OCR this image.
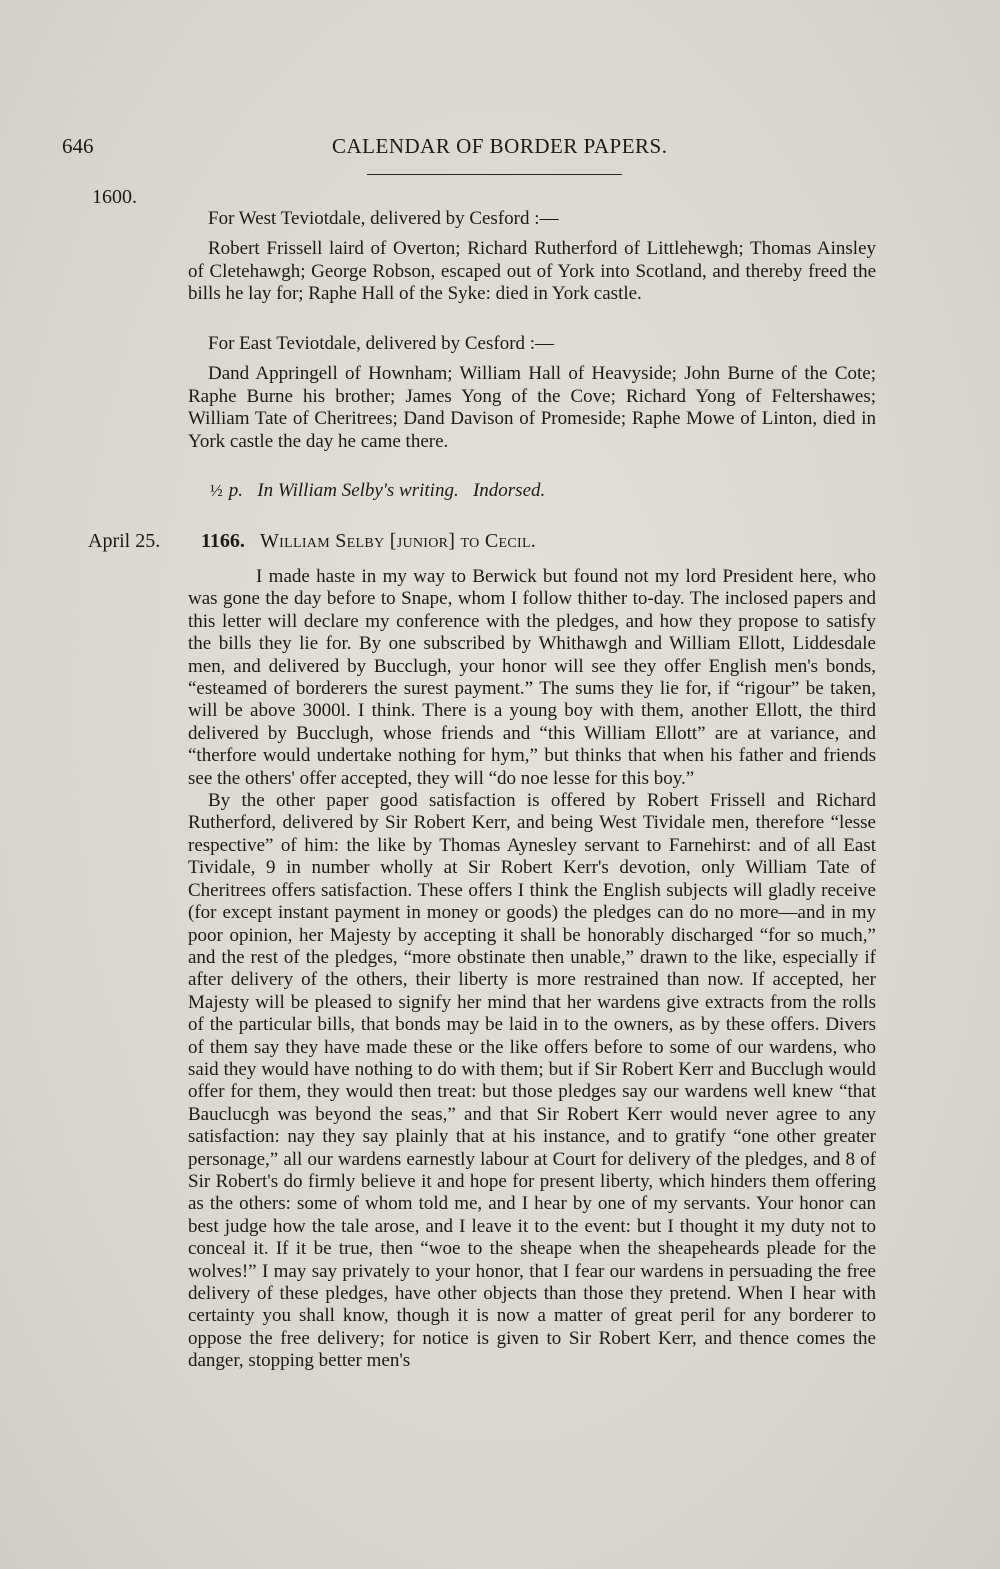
646	CALENDAR OF BORDER PAPERS.
1600.

For West Teviotdale, delivered by Cesford :—

Robert Frissell laird of Overton; Richard Rutherford of Littlehewgh; Thomas Ainsley of Cletehawgh; George Robson, escaped out of York into Scotland, and thereby freed the bills he lay for; Raphe Hall of the Syke: died in York castle.

For East Teviotdale, delivered by Cesford :—

Dand Appringell of Hownham; William Hall of Heavyside; John Burne of the Cote; Raphe Burne his brother; James Yong of the Cove; Richard Yong of Feltershawes; William Tate of Cheritrees; Dand Davison of Promeside; Raphe Mowe of Linton, died in York castle the day he came there.

½ p. In William Selby's writing. Indorsed.
April 25. 1166. William Selby [junior] to Cecil.

I made haste in my way to Berwick but found not my lord President here, who was gone the day before to Snape, whom I follow thither to-day. The inclosed papers and this letter will declare my conference with the pledges, and how they propose to satisfy the bills they lie for. By one subscribed by Whithawgh and William Ellott, Liddesdale men, and delivered by Bucclugh, your honor will see they offer English men's bonds, “esteamed of borderers the surest payment.” The sums they lie for, if “rigour” be taken, will be above 3000l. I think. There is a young boy with them, another Ellott, the third delivered by Bucclugh, whose friends and “this William Ellott” are at variance, and “therfore would undertake nothing for hym,” but thinks that when his father and friends see the others' offer accepted, they will “do noe lesse for this boy.”

By the other paper good satisfaction is offered by Robert Frissell and Richard Rutherford, delivered by Sir Robert Kerr, and being West Tividale men, therefore “lesse respective” of him: the like by Thomas Aynesley servant to Farnehirst: and of all East Tividale, 9 in number wholly at Sir Robert Kerr's devotion, only William Tate of Cheritrees offers satisfaction. These offers I think the English subjects will gladly receive (for except instant payment in money or goods) the pledges can do no more—and in my poor opinion, her Majesty by accepting it shall be honorably discharged “for so much,” and the rest of the pledges, “more obstinate then unable,” drawn to the like, especially if after delivery of the others, their liberty is more restrained than now. If accepted, her Majesty will be pleased to signify her mind that her wardens give extracts from the rolls of the particular bills, that bonds may be laid in to the owners, as by these offers. Divers of them say they have made these or the like offers before to some of our wardens, who said they would have nothing to do with them; but if Sir Robert Kerr and Bucclugh would offer for them, they would then treat: but those pledges say our wardens well knew “that Bauclucgh was beyond the seas,” and that Sir Robert Kerr would never agree to any satisfaction: nay they say plainly that at his instance, and to gratify “one other greater personage,” all our wardens earnestly labour at Court for delivery of the pledges, and 8 of Sir Robert's do firmly believe it and hope for present liberty, which hinders them offering as the others: some of whom told me, and I hear by one of my servants. Your honor can best judge how the tale arose, and I leave it to the event: but I thought it my duty not to conceal it. If it be true, then “woe to the sheape when the sheapeheards pleade for the wolves!” I may say privately to your honor, that I fear our wardens in persuading the free delivery of these pledges, have other objects than those they pretend. When I hear with certainty you shall know, though it is now a matter of great peril for any borderer to oppose the free delivery; for notice is given to Sir Robert Kerr, and thence comes the danger, stopping better men's
